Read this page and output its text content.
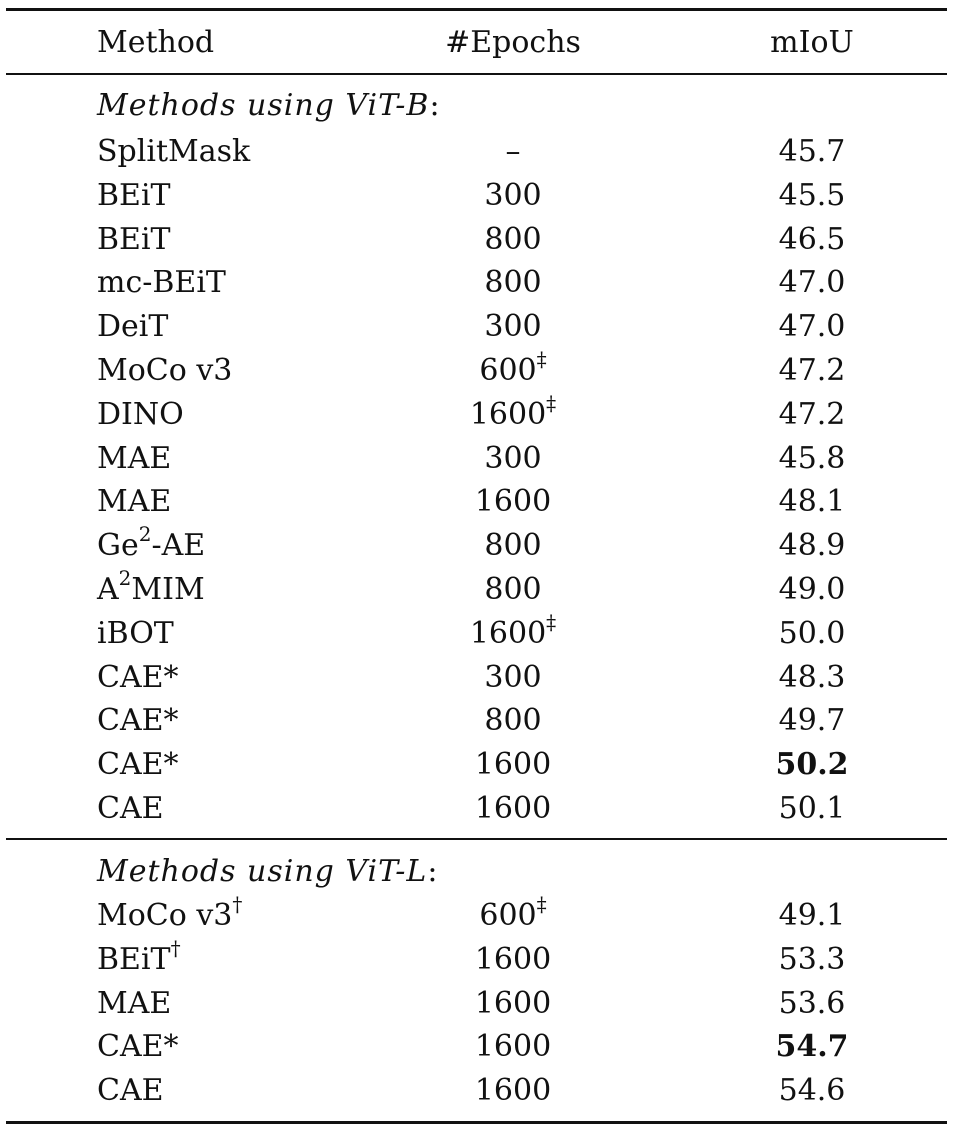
Method	#Epochs	mIoU
Methods using ViT-B:
SplitMask	–	45.7
BEiT	300	45.5
BEiT	800	46.5
mc-BEiT	800	47.0
DeiT	300	47.0
MoCo v3	600‡	47.2
DINO	1600‡	47.2
MAE	300	45.8
MAE	1600	48.1
Ge$^2$-AE	800	48.9
$A^2MIM$	800	49.0
iBOT	1600‡	50.0
CAE*	300	48.3
CAE*	800	49.7
CAE*	1600	50.2
CAE	1600	50.1
Methods using ViT-L:
MoCo v3†	600‡	49.1
BEiT†	1600	53.3
MAE	1600	53.6
CAE*	1600	54.7
CAE	1600	54.6
